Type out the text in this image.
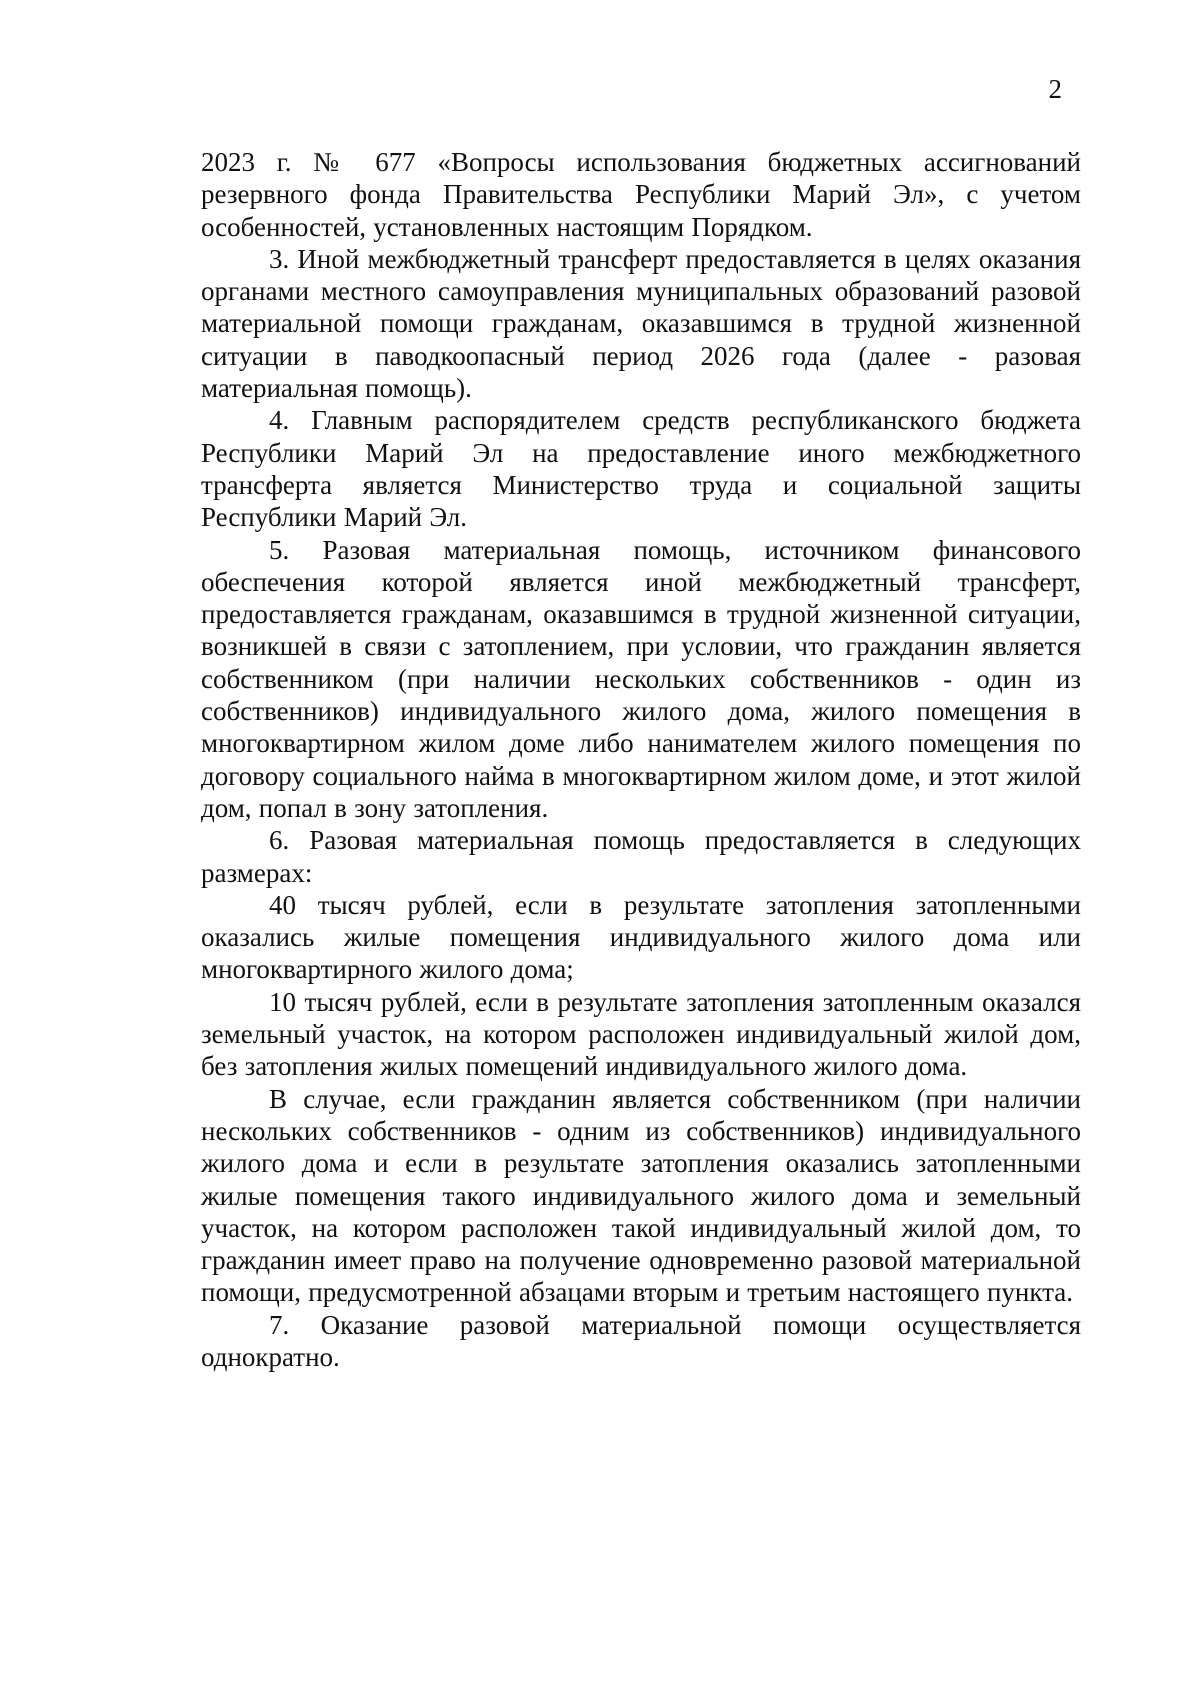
2

2023 г. № 677 «Вопросы использования бюджетных ассигнований резервного фонда Правительства Республики Марий Эл», с учетом особенностей, установленных настоящим Порядком.

3. Иной межбюджетный трансферт предоставляется в целях оказания органами местного самоуправления муниципальных образований разовой материальной помощи гражданам, оказавшимся в трудной жизненной ситуации в паводкоопасный период 2026 года (далее - разовая материальная помощь).

4. Главным распорядителем средств республиканского бюджета Республики Марий Эл на предоставление иного межбюджетного трансферта является Министерство труда и социальной защиты Республики Марий Эл.

5. Разовая материальная помощь, источником финансового обеспечения которой является иной межбюджетный трансферт, предоставляется гражданам, оказавшимся в трудной жизненной ситуации, возникшей в связи с затоплением, при условии, что гражданин является собственником (при наличии нескольких собственников - один из собственников) индивидуального жилого дома, жилого помещения в многоквартирном жилом доме либо нанимателем жилого помещения по договору социального найма в многоквартирном жилом доме, и этот жилой дом, попал в зону затопления.

6. Разовая материальная помощь предоставляется в следующих размерах:

40 тысяч рублей, если в результате затопления затопленными оказались жилые помещения индивидуального жилого дома или многоквартирного жилого дома;

10 тысяч рублей, если в результате затопления затопленным оказался земельный участок, на котором расположен индивидуальный жилой дом, без затопления жилых помещений индивидуального жилого дома.

В случае, если гражданин является собственником (при наличии нескольких собственников - одним из собственников) индивидуального жилого дома и если в результате затопления оказались затопленными жилые помещения такого индивидуального жилого дома и земельный участок, на котором расположен такой индивидуальный жилой дом, то гражданин имеет право на получение одновременно разовой материальной помощи, предусмотренной абзацами вторым и третьим настоящего пункта.

7. Оказание разовой материальной помощи осуществляется однократно.
